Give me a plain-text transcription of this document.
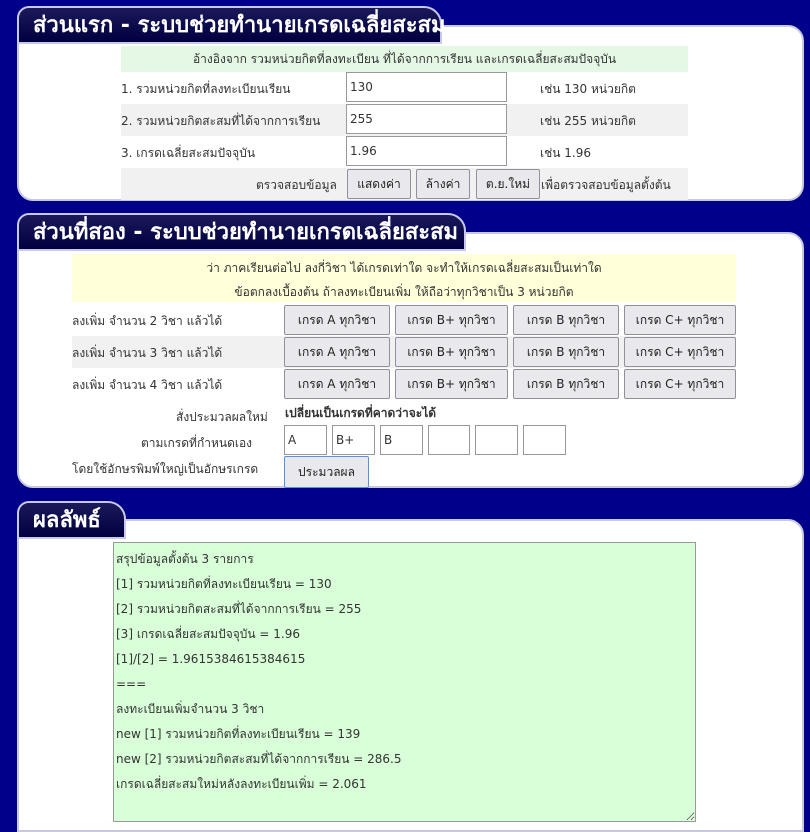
ส่วนแรก - ระบบช่วยทำนายเกรดเฉลี่ยสะสม
อ้างอิงจาก รวมหน่วยกิตที่ลงทะเบียน ที่ได้จากการเรียน และเกรดเฉลี่ยสะสมปัจจุบัน
1. รวมหน่วยกิตที่ลงทะเบียนเรียน
130	เช่น 130 หน่วยกิต
2. รวมหน่วยกิตสะสมที่ได้จากการเรียน
255	เช่น 255 หน่วยกิต
3. เกรดเฉลี่ยสะสมปัจจุบัน
1.96	เช่น 1.96
ตรวจสอบข้อมูล	แสดงค่า	ล้างค่า	ต.ย.ใหม่ เพื่อตรวจสอบข้อมูลตั้งต้น
ส่วนที่สอง - ระบบช่วยทำนายเกรดเฉลี่ยสะสม
ว่า ภาคเรียนต่อไป ลงกี่วิชา ได้เกรดเท่าใด จะทำให้เกรดเฉลี่ยสะสมเป็นเท่าใด
ข้อตกลงเบื้องต้น ถ้าลงทะเบียนเพิ่ม ให้ถือว่าทุกวิชาเป็น 3 หน่วยกิต
ลงเพิ่ม จำนวน 2 วิชา แล้วได้	เกรด A ทุกวิชา	เกรด B+ ทุกวิชา	เกรด B ทุกวิชา	เกรด C+ ทุกวิชา
ลงเพิ่ม จำนวน 3 วิชา แล้วได้	เกรด A ทุกวิชา	เกรด B+ ทุกวิชา	เกรด B ทุกวิชา	เกรด C+ ทุกวิชา
ลงเพิ่ม จำนวน 4 วิชา แล้วได้	เกรด A ทุกวิชา	เกรด B+ ทุกวิชา	เกรด B ทุกวิชา	เกรด C+ ทุกวิชา
สั่งประมวลผลใหม่ เปลี่ยนเป็นเกรดที่คาดว่าจะได้
ตามเกรดที่กำหนดเอง
โดยใช้อักษรพิมพ์ใหญ่เป็นอักษรเกรด
A
B+
B	ประมวลผล
ผลลัพธ์
สรุปข้อมูลตั้งต้น 3 รายการ [1] รวมหน่วยกิตที่ลงทะเบียนเรียน = 130 [2] รวมหน่วยกิตสะสมที่ได้จากการเรียน = 255 [3] เกรดเฉลี่ยสะสมปัจจุบัน = 1.96 [1]/[2] = 1.9615384615384615 === ลงทะเบียนเพิ่มจำนวน 3 วิชา new [1] รวมหน่วยกิตที่ลงทะเบียนเรียน = 139 new [2] รวมหน่วยกิตสะสมที่ได้จากการเรียน = 286.5 เกรดเฉลี่ยสะสมใหม่หลังลงทะเบียนเพิ่ม = 2.061
